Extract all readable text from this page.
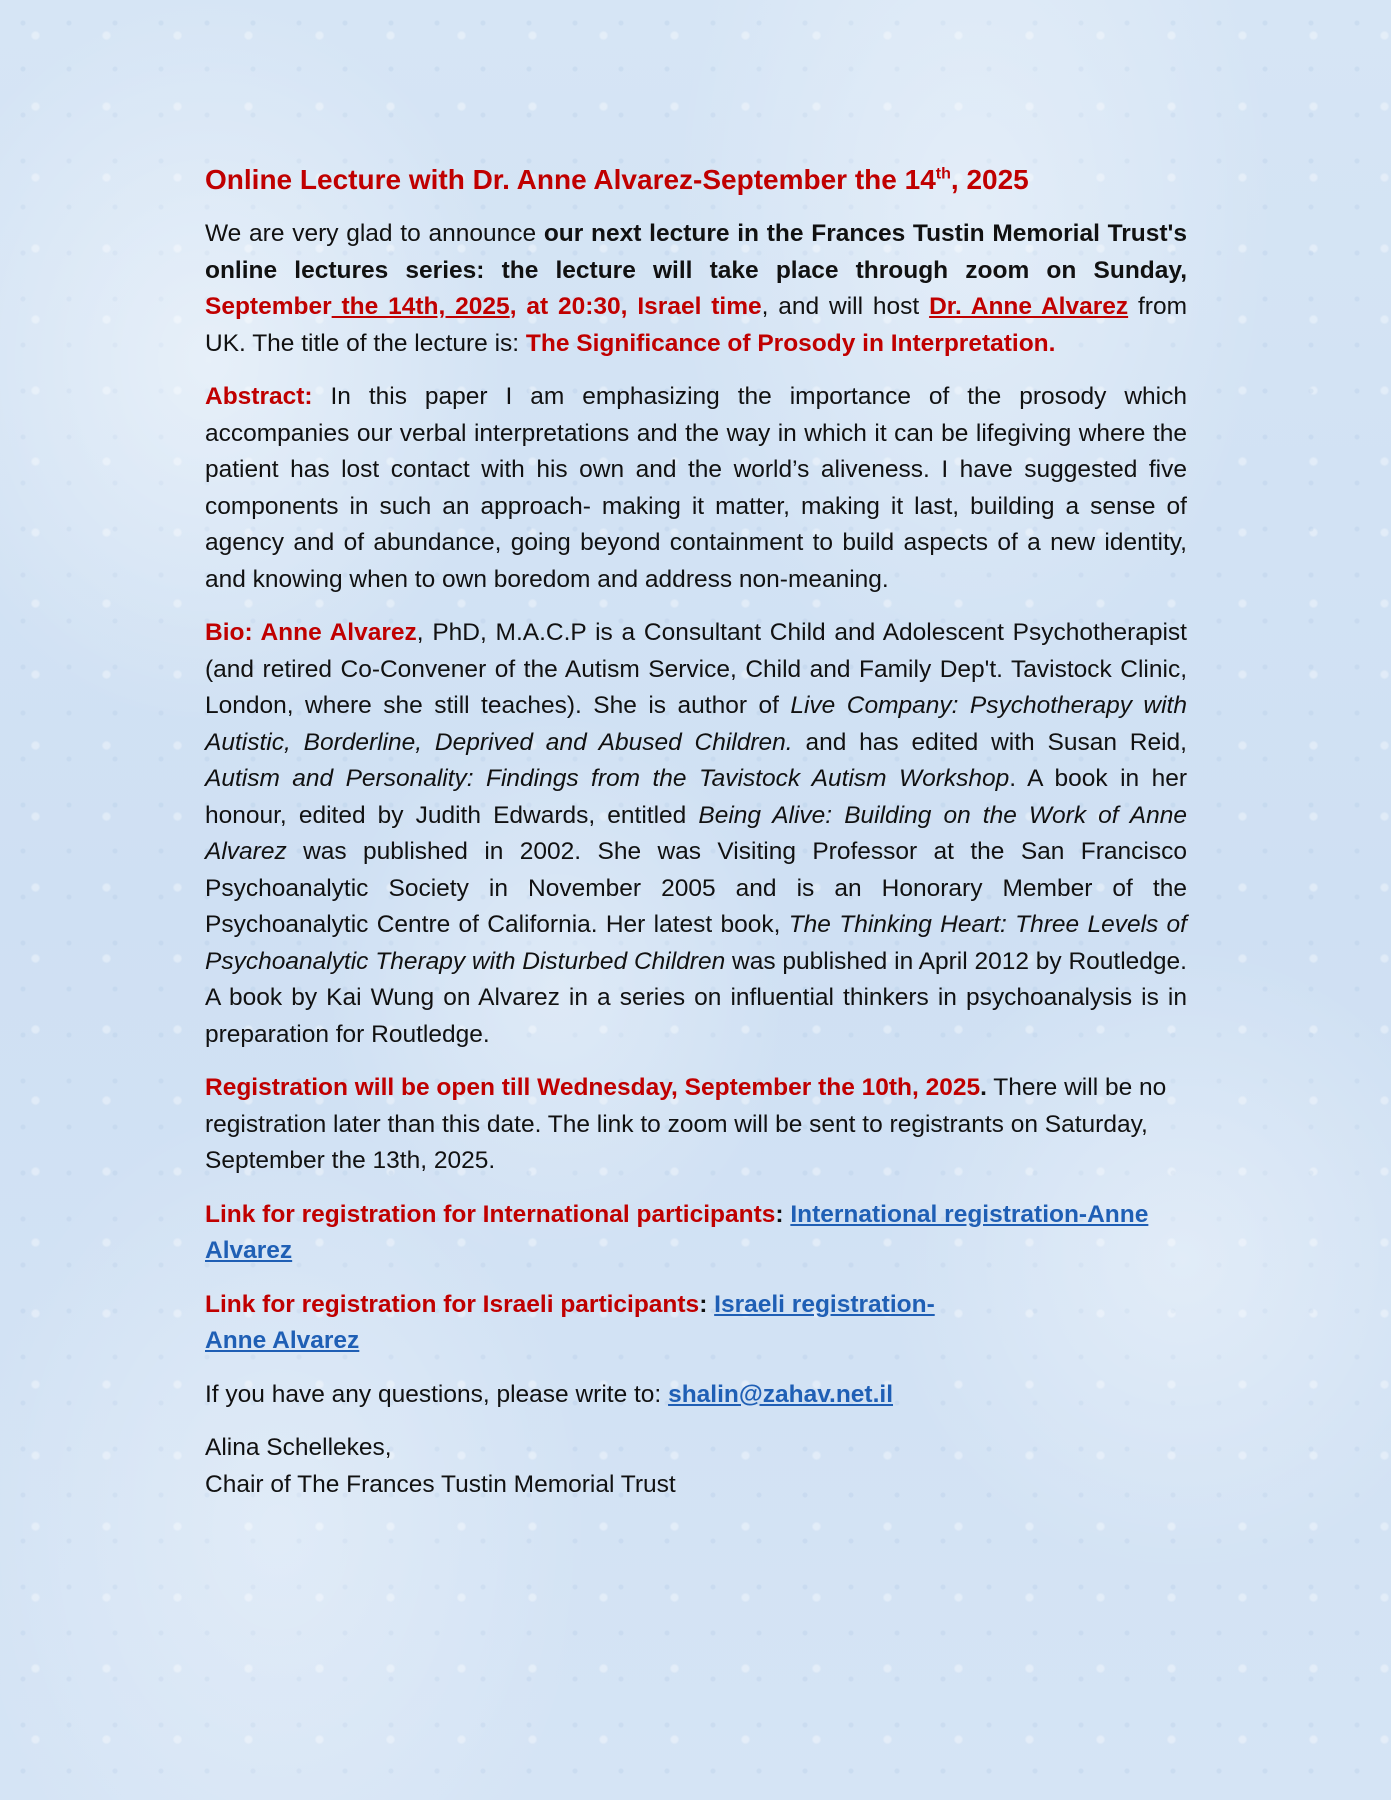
Online Lecture with Dr. Anne Alvarez-September the 14th, 2025

We are very glad to announce our next lecture in the Frances Tustin Memorial Trust's online lectures series: the lecture will take place through zoom on Sunday, September the 14th, 2025, at 20:30, Israel time, and will host Dr. Anne Alvarez from UK. The title of the lecture is: The Significance of Prosody in Interpretation.

Abstract: In this paper I am emphasizing the importance of the prosody which accompanies our verbal interpretations and the way in which it can be lifegiving where the patient has lost contact with his own and the world’s aliveness. I have suggested five components in such an approach- making it matter, making it last, building a sense of agency and of abundance, going beyond containment to build aspects of a new identity, and knowing when to own boredom and address non-meaning.

Bio: Anne Alvarez, PhD, M.A.C.P is a Consultant Child and Adolescent Psychotherapist (and retired Co-Convener of the Autism Service, Child and Family Dep't. Tavistock Clinic, London, where she still teaches). She is author of Live Company: Psychotherapy with Autistic, Borderline, Deprived and Abused Children. and has edited with Susan Reid, Autism and Personality: Findings from the Tavistock Autism Workshop. A book in her honour, edited by Judith Edwards, entitled Being Alive: Building on the Work of Anne Alvarez was published in 2002. She was Visiting Professor at the San Francisco Psychoanalytic Society in November 2005 and is an Honorary Member of the Psychoanalytic Centre of California. Her latest book, The Thinking Heart: Three Levels of Psychoanalytic Therapy with Disturbed Children was published in April 2012 by Routledge. A book by Kai Wung on Alvarez in a series on influential thinkers in psychoanalysis is in preparation for Routledge.

Registration will be open till Wednesday, September the 10th, 2025. There will be no registration later than this date. The link to zoom will be sent to registrants on Saturday, September the 13th, 2025.

Link for registration for International participants: International registration-Anne Alvarez

Link for registration for Israeli participants: Israeli registration-Anne Alvarez

If you have any questions, please write to: shalin@zahav.net.il

Alina Schellekes,
Chair of The Frances Tustin Memorial Trust
